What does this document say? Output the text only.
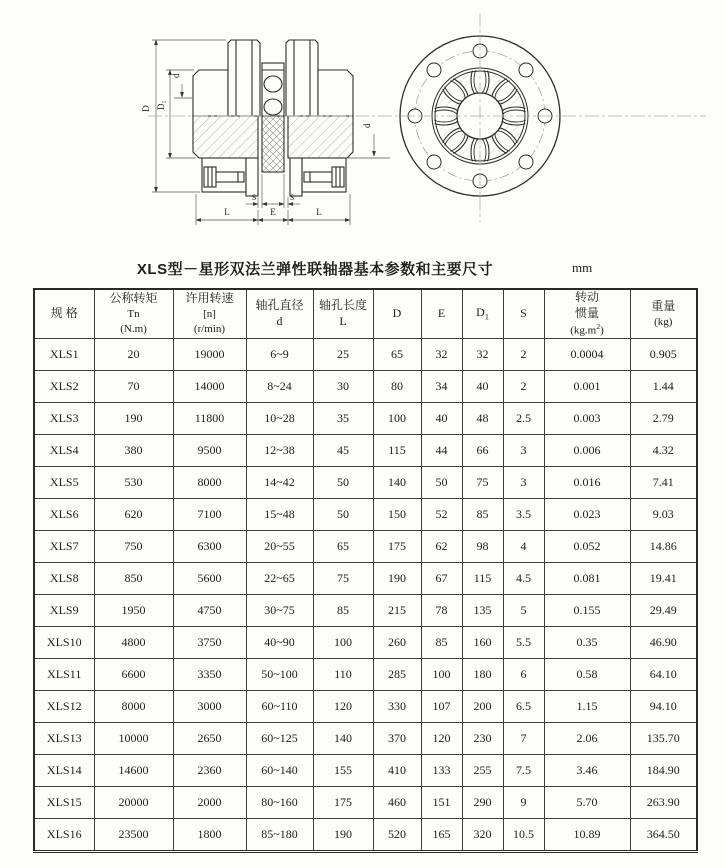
D D₁
d
d
S	S
L	E	L
XLS型－星形双法兰弹性联轴器基本参数和主要尺寸	mm
规 格

公称转矩
Tn
(N.m)

许用转速
[n]
(r/min)

轴孔直径
d

轴孔长度
L

D	E	$D_1$	S

转动
惯量
$(kg.m^2)$

重量
(kg)

XLS1	20	19000	6~9	25	65	32	32	2	0.0004	0.905
XLS2	70	14000	8~24	30	80	34	40	2	0.001	1.44
XLS3	190	11800	10~28	35	100	40	48	2.5	0.003	2.79
XLS4	380	9500	12~38	45	115	44	66	3	0.006	4.32
XLS5	530	8000	14~42	50	140	50	75	3	0.016	7.41
XLS6	620	7100	15~48	50	150	52	85	3.5	0.023	9.03
XLS7	750	6300	20~55	65	175	62	98	4	0.052	14.86
XLS8	850	5600	22~65	75	190	67	115	4.5	0.081	19.41
XLS9	1950	4750	30~75	85	215	78	135	5	0.155	29.49
XLS10	4800	3750	40~90	100	260	85	160	5.5	0.35	46.90
XLS11	6600	3350	50~100	110	285	100	180	6	0.58	64.10
XLS12	8000	3000	60~110	120	330	107	200	6.5	1.15	94.10
XLS13	10000	2650	60~125	140	370	120	230	7	2.06	135.70
XLS14	14600	2360	60~140	155	410	133	255	7.5	3.46	184.90
XLS15	20000	2000	80~160	175	460	151	290	9	5.70	263.90
XLS16	23500	1800	85~180	190	520	165	320	10.5	10.89	364.50
